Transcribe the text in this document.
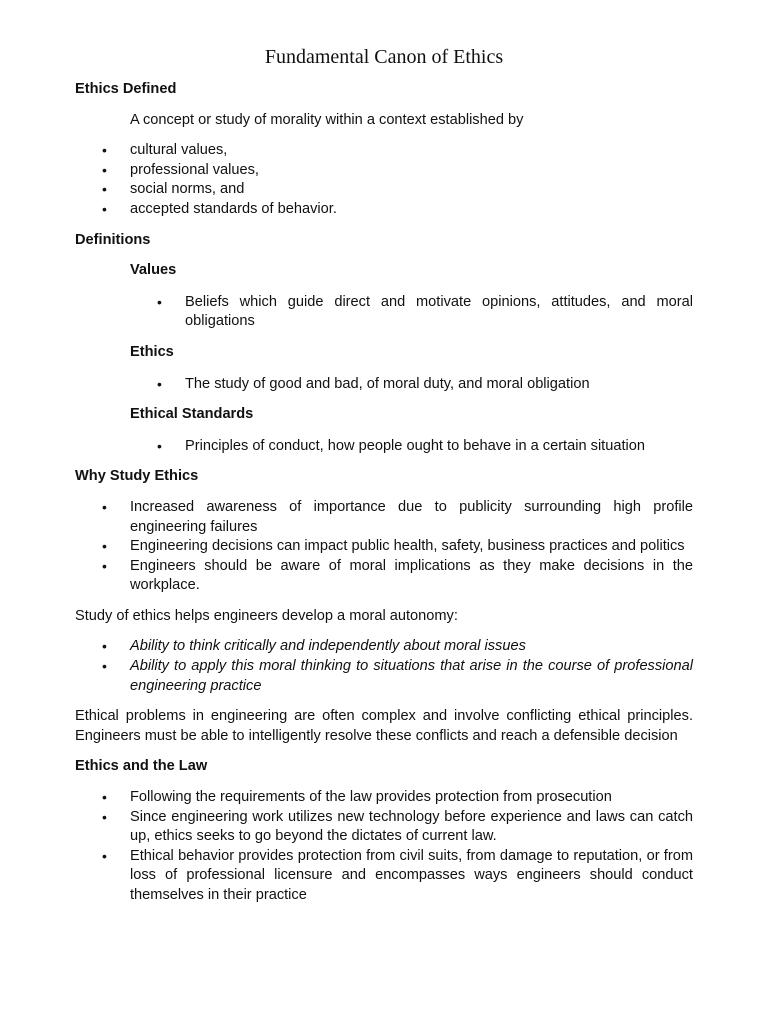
Fundamental Canon of Ethics
Ethics Defined
A concept or study of morality within a context established by
• cultural values,
• professional values,
• social norms, and
• accepted standards of behavior.
Definitions
Values
• Beliefs which guide direct and motivate opinions, attitudes, and moral obligations
Ethics
• The study of good and bad, of moral duty, and moral obligation
Ethical Standards
• Principles of conduct, how people ought to behave in a certain situation
Why Study Ethics
• Increased awareness of importance due to publicity surrounding high profile engineering failures
• Engineering decisions can impact public health, safety, business practices and politics
• Engineers should be aware of moral implications as they make decisions in the workplace.
Study of ethics helps engineers develop a moral autonomy:
• Ability to think critically and independently about moral issues
• Ability to apply this moral thinking to situations that arise in the course of professional engineering practice
Ethical problems in engineering are often complex and involve conflicting ethical principles. Engineers must be able to intelligently resolve these conflicts and reach a defensible decision
Ethics and the Law
• Following the requirements of the law provides protection from prosecution
• Since engineering work utilizes new technology before experience and laws can catch up, ethics seeks to go beyond the dictates of current law.
• Ethical behavior provides protection from civil suits, from damage to reputation, or from loss of professional licensure and encompasses ways engineers should conduct themselves in their practice
